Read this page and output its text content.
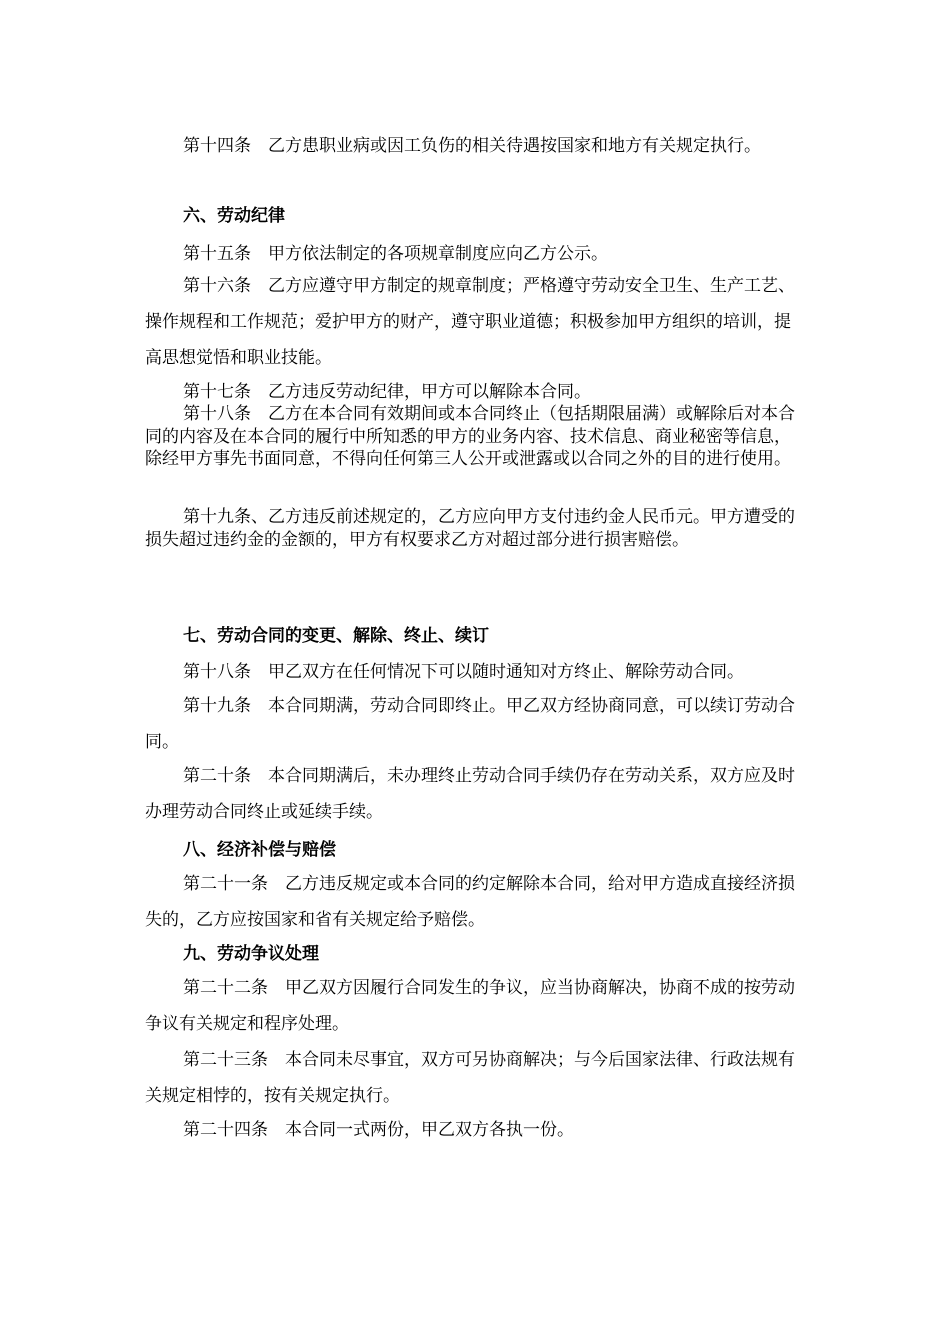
第十四条　乙方患职业病或因工负伤的相关待遇按国家和地方有关规定执行。

六、劳动纪律

第十五条　甲方依法制定的各项规章制度应向乙方公示。

第十六条　乙方应遵守甲方制定的规章制度；严格遵守劳动安全卫生、生产工艺、操作规程和工作规范；爱护甲方的财产，遵守职业道德；积极参加甲方组织的培训，提高思想觉悟和职业技能。

第十七条　乙方违反劳动纪律，甲方可以解除本合同。

第十八条　乙方在本合同有效期间或本合同终止（包括期限届满）或解除后对本合同的内容及在本合同的履行中所知悉的甲方的业务内容、技术信息、商业秘密等信息，除经甲方事先书面同意，不得向任何第三人公开或泄露或以合同之外的目的进行使用。

第十九条、乙方违反前述规定的，乙方应向甲方支付违约金人民币元。甲方遭受的损失超过违约金的金额的，甲方有权要求乙方对超过部分进行损害赔偿。

七、劳动合同的变更、解除、终止、续订

第十八条　甲乙双方在任何情况下可以随时通知对方终止、解除劳动合同。

第十九条　本合同期满，劳动合同即终止。甲乙双方经协商同意，可以续订劳动合同。

第二十条　本合同期满后，未办理终止劳动合同手续仍存在劳动关系，双方应及时办理劳动合同终止或延续手续。

八、经济补偿与赔偿

第二十一条　乙方违反规定或本合同的约定解除本合同，给对甲方造成直接经济损失的，乙方应按国家和省有关规定给予赔偿。

九、劳动争议处理

第二十二条　甲乙双方因履行合同发生的争议，应当协商解决，协商不成的按劳动争议有关规定和程序处理。

第二十三条　本合同未尽事宜，双方可另协商解决；与今后国家法律、行政法规有关规定相悖的，按有关规定执行。

第二十四条　本合同一式两份，甲乙双方各执一份。
